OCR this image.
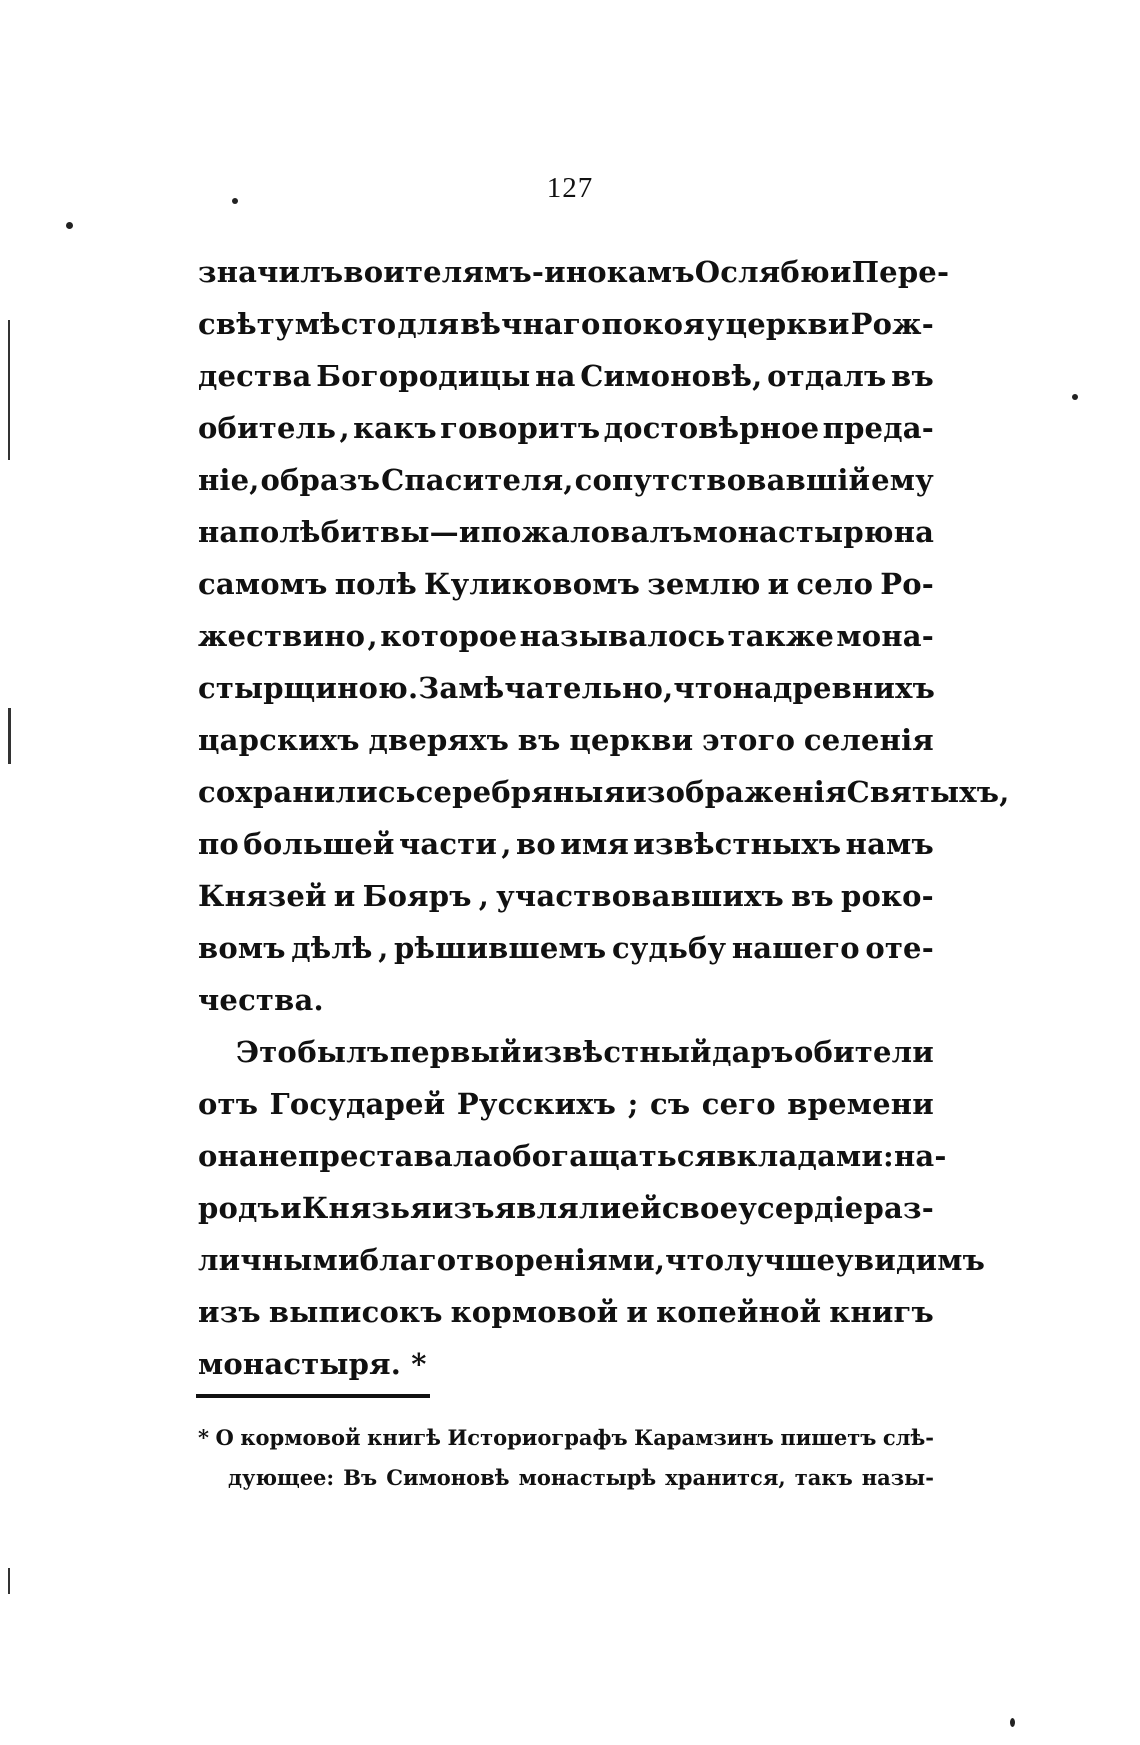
127
значилъ воителямъ-инокамъ Ослябю и Пере-
свѣту мѣсто для вѣчнаго покоя у церкви Рож-
дества Богородицы на Симоновѣ, отдалъ въ
обитель , какъ говоритъ достовѣрное преда-
нiе, образъ Спасителя, сопутствовавшiй ему
на полѣ битвы—и пожаловалъ монастырю на
самомъ полѣ Куликовомъ землю и село Ро-
жествино , которое называлось также мона-
стырщиною. Замѣчательно , что на древнихъ
царскихъ дверяхъ въ церкви этого селенiя
сохранились серебряныя изображенiя Святыхъ,
по большей части , во имя извѣстныхъ намъ
Князей и Бояръ , участвовавшихъ въ роко-
вомъ дѣлѣ , рѣшившемъ судьбу нашего оте-
чества.
Это былъ первый извѣстный даръ обители
отъ Государей Русскихъ ; съ сего времени
она не преставала обогащаться вкладами: на-
родъ и Князья изъявляли ей свое усердiе раз-
личными благотворенiями, что лучше увидимъ
изъ выписокъ кормовой и копейной книгъ
монастыря. *
* О кормовой книгѣ Историографъ Карамзинъ пишетъ слѣ-
дующее: Въ Симоновѣ монастырѣ хранится, такъ назы-
